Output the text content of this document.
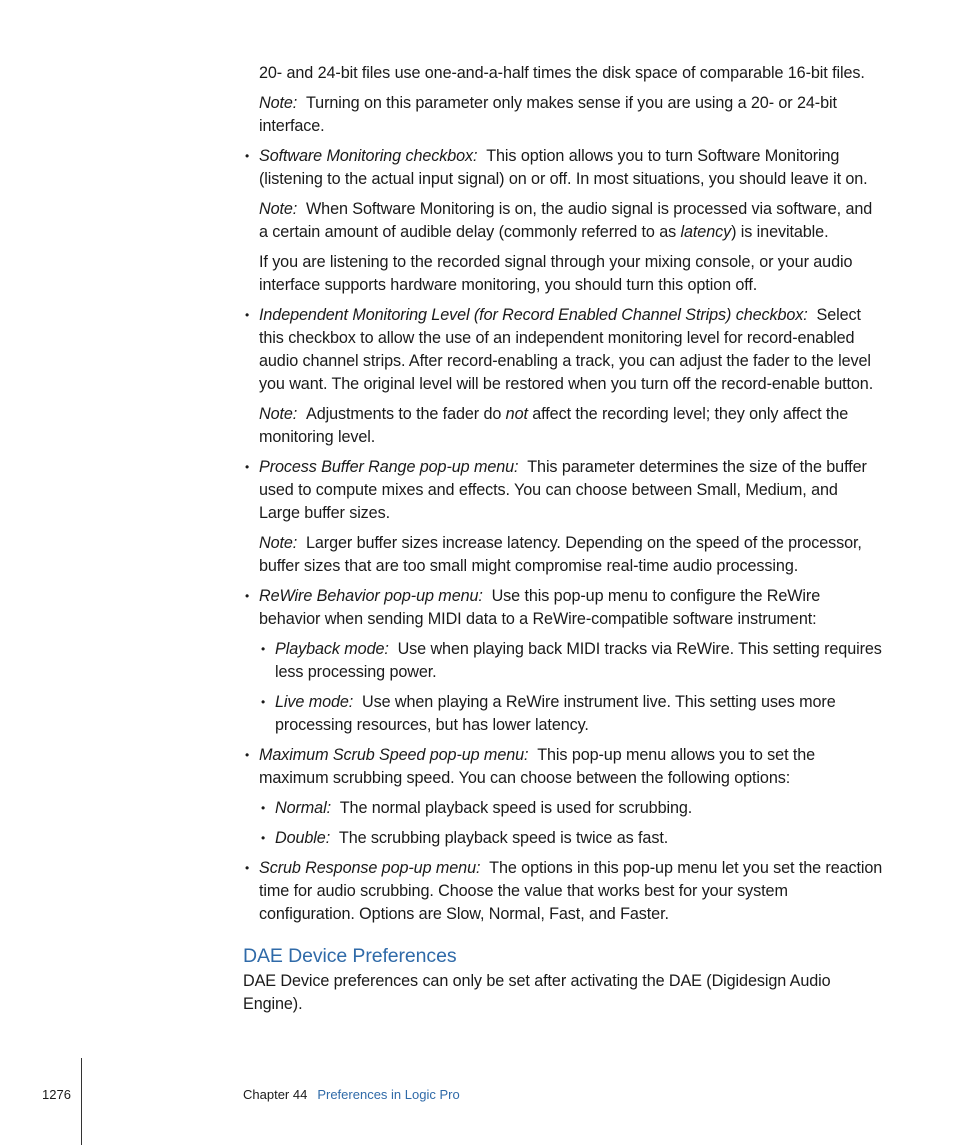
20- and 24-bit files use one-and-a-half times the disk space of comparable 16-bit files.

Note: Turning on this parameter only makes sense if you are using a 20- or 24-bit interface.

• Software Monitoring checkbox: This option allows you to turn Software Monitoring (listening to the actual input signal) on or off. In most situations, you should leave it on.

Note: When Software Monitoring is on, the audio signal is processed via software, and a certain amount of audible delay (commonly referred to as latency) is inevitable.

If you are listening to the recorded signal through your mixing console, or your audio interface supports hardware monitoring, you should turn this option off.

• Independent Monitoring Level (for Record Enabled Channel Strips) checkbox: Select this checkbox to allow the use of an independent monitoring level for record-enabled audio channel strips. After record-enabling a track, you can adjust the fader to the level you want. The original level will be restored when you turn off the record-enable button.

Note: Adjustments to the fader do not affect the recording level; they only affect the monitoring level.

• Process Buffer Range pop-up menu: This parameter determines the size of the buffer used to compute mixes and effects. You can choose between Small, Medium, and Large buffer sizes.

Note: Larger buffer sizes increase latency. Depending on the speed of the processor, buffer sizes that are too small might compromise real-time audio processing.

• ReWire Behavior pop-up menu: Use this pop-up menu to configure the ReWire behavior when sending MIDI data to a ReWire-compatible software instrument:
• Playback mode: Use when playing back MIDI tracks via ReWire. This setting requires less processing power.
• Live mode: Use when playing a ReWire instrument live. This setting uses more processing resources, but has lower latency.
• Maximum Scrub Speed pop-up menu: This pop-up menu allows you to set the maximum scrubbing speed. You can choose between the following options:
• Normal: The normal playback speed is used for scrubbing.
• Double: The scrubbing playback speed is twice as fast.
• Scrub Response pop-up menu: The options in this pop-up menu let you set the reaction time for audio scrubbing. Choose the value that works best for your system configuration. Options are Slow, Normal, Fast, and Faster.
DAE Device Preferences

DAE Device preferences can only be set after activating the DAE (Digidesign Audio Engine).

1276	Chapter 44 Preferences in Logic Pro
